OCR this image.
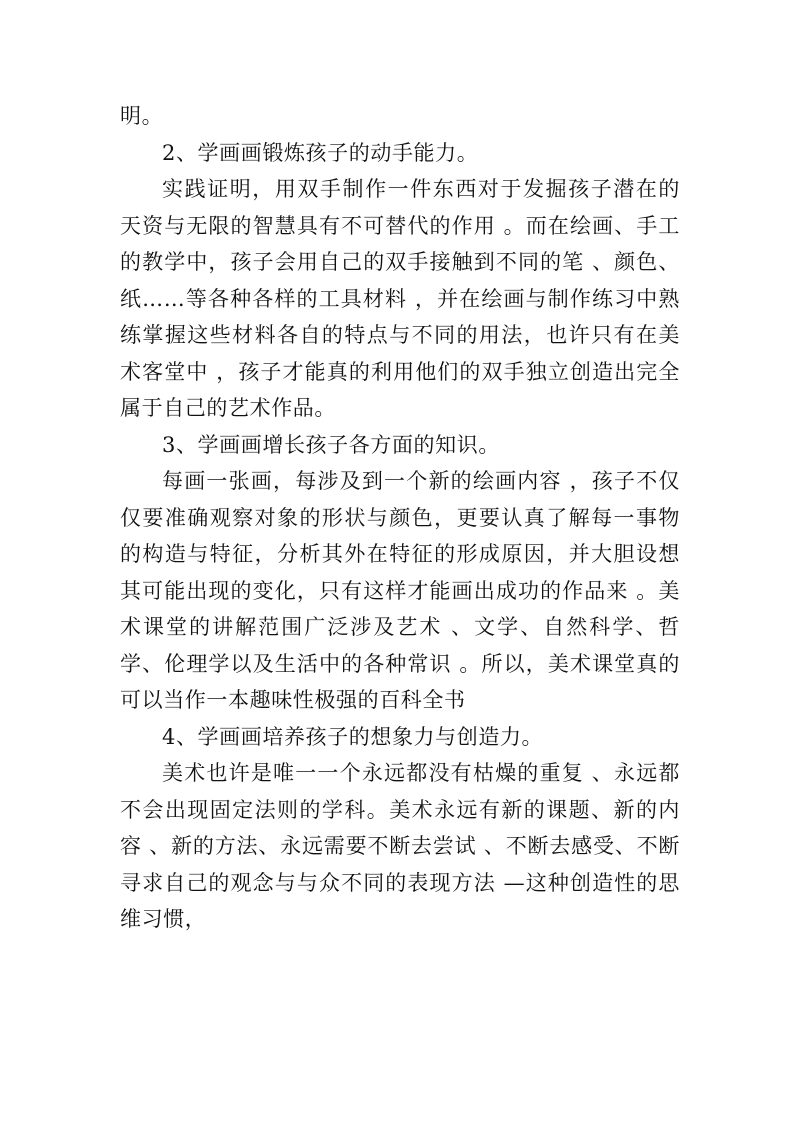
明。

2、学画画锻炼孩子的动手能力。

实践证明，用双手制作一件东西对于发掘孩子潜在的天资与无限的智慧具有不可替代的作用 。而在绘画、手工的教学中，孩子会用自己的双手接触到不同的笔 、颜色、纸……等各种各样的工具材料 ，并在绘画与制作练习中熟练掌握这些材料各自的特点与不同的用法，也许只有在美术客堂中 ，孩子才能真的利用他们的双手独立创造出完全属于自己的艺术作品。

3、学画画增长孩子各方面的知识。

每画一张画，每涉及到一个新的绘画内容 ，孩子不仅仅要准确观察对象的形状与颜色，更要认真了解每一事物的构造与特征，分析其外在特征的形成原因，并大胆设想其可能出现的变化，只有这样才能画出成功的作品来 。美术课堂的讲解范围广泛涉及艺术 、文学、自然科学、哲学、伦理学以及生活中的各种常识 。所以，美术课堂真的可以当作一本趣味性极强的百科全书

4、学画画培养孩子的想象力与创造力。

美术也许是唯一一个永远都没有枯燥的重复 、永远都不会出现固定法则的学科。美术永远有新的课题、新的内容 、新的方法、永远需要不断去尝试 、不断去感受、不断寻求自己的观念与与众不同的表现方法 —这种创造性的思维习惯，
